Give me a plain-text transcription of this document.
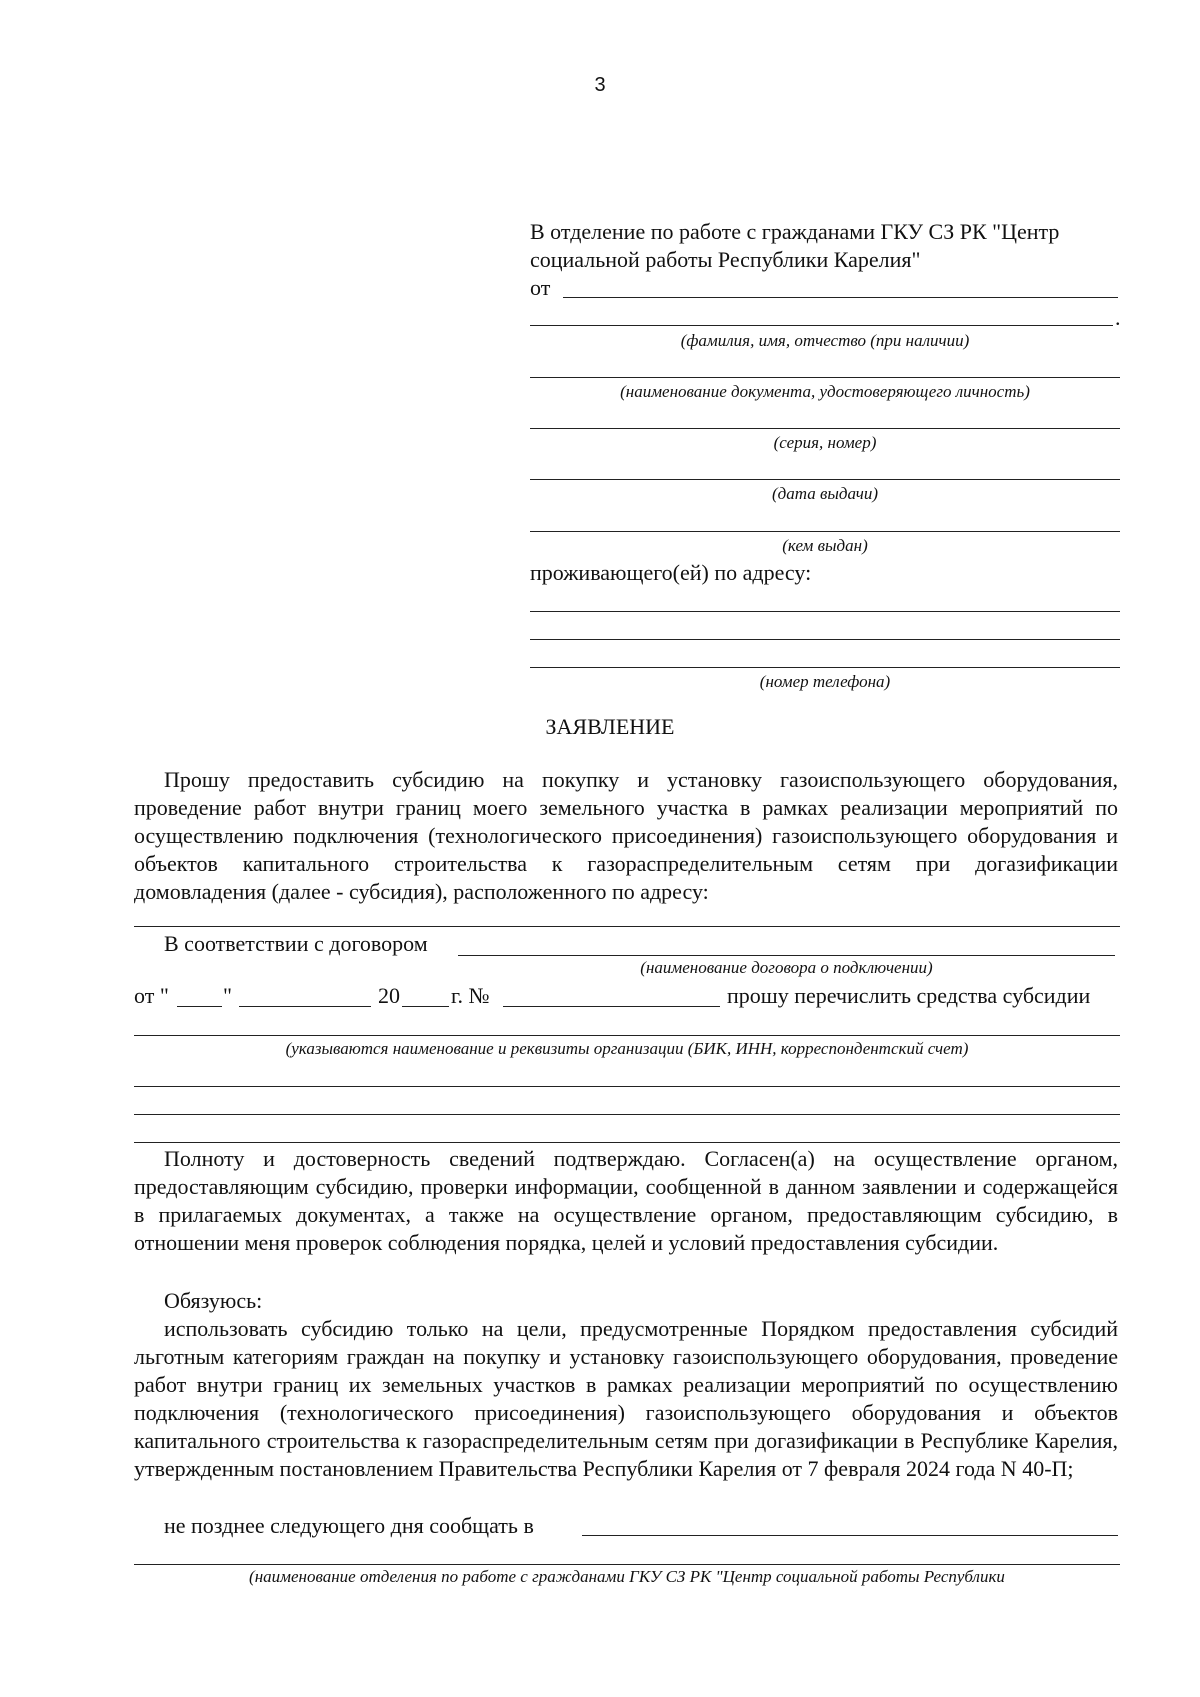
3
В отделение по работе с гражданами ГКУ СЗ РК "Центр
социальной работы Республики Карелия"
от
.
(фамилия, имя, отчество (при наличии)
(наименование документа, удостоверяющего личность)
(серия, номер)
(дата выдачи)
(кем выдан)
проживающего(ей) по адресу:
(номер телефона)
ЗАЯВЛЕНИЕ
Прошу предоставить субсидию на покупку и установку газоиспользующего оборудования, проведение работ внутри границ моего земельного участка в рамках реализации мероприятий по осуществлению подключения (технологического присоединения) газоиспользующего оборудования и объектов капитального строительства к газораспределительным сетям при догазификации домовладения (далее - субсидия), расположенного по адресу:
В соответствии с договором
(наименование договора о подключении)
от " "	20 г. №	прошу перечислить средства субсидии
(указываются наименование и реквизиты организации (БИК, ИНН, корреспондентский счет)
Полноту и достоверность сведений подтверждаю. Согласен(а) на осуществление органом, предоставляющим субсидию, проверки информации, сообщенной в данном заявлении и содержащейся в прилагаемых документах, а также на осуществление органом, предоставляющим субсидию, в отношении меня проверок соблюдения порядка, целей и условий предоставления субсидии.
Обязуюсь:
использовать субсидию только на цели, предусмотренные Порядком предоставления субсидий льготным категориям граждан на покупку и установку газоиспользующего оборудования, проведение работ внутри границ их земельных участков в рамках реализации мероприятий по осуществлению подключения (технологического присоединения) газоиспользующего оборудования и объектов капитального строительства к газораспределительным сетям при догазификации в Республике Карелия, утвержденным постановлением Правительства Республики Карелия от 7 февраля 2024 года N 40-П;
не позднее следующего дня сообщать в
(наименование отделения по работе с гражданами ГКУ СЗ РК "Центр социальной работы Республики
